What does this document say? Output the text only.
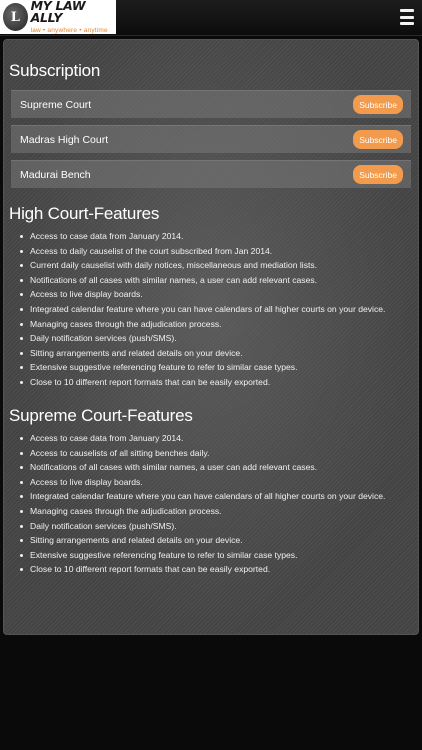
L
MY LAW ALLY
law • anywhere • anytime
Subscription
Supreme Court	Subscribe
Madras High Court	Subscribe
Madurai Bench	Subscribe
High Court-Features
Access to case data from January 2014.
Access to daily causelist of the court subscribed from Jan 2014.
Current daily causelist with daily notices, miscellaneous and mediation lists.
Notifications of all cases with similar names, a user can add relevant cases.
Access to live display boards.
Integrated calendar feature where you can have calendars of all higher courts on your device.
Managing cases through the adjudication process.
Daily notification services (push/SMS).
Sitting arrangements and related details on your device.
Extensive suggestive referencing feature to refer to similar case types.
Close to 10 different report formats that can be easily exported.
Supreme Court-Features
Access to case data from January 2014.
Access to causelists of all sitting benches daily.
Notifications of all cases with similar names, a user can add relevant cases.
Access to live display boards.
Integrated calendar feature where you can have calendars of all higher courts on your device.
Managing cases through the adjudication process.
Daily notification services (push/SMS).
Sitting arrangements and related details on your device.
Extensive suggestive referencing feature to refer to similar case types.
Close to 10 different report formats that can be easily exported.
